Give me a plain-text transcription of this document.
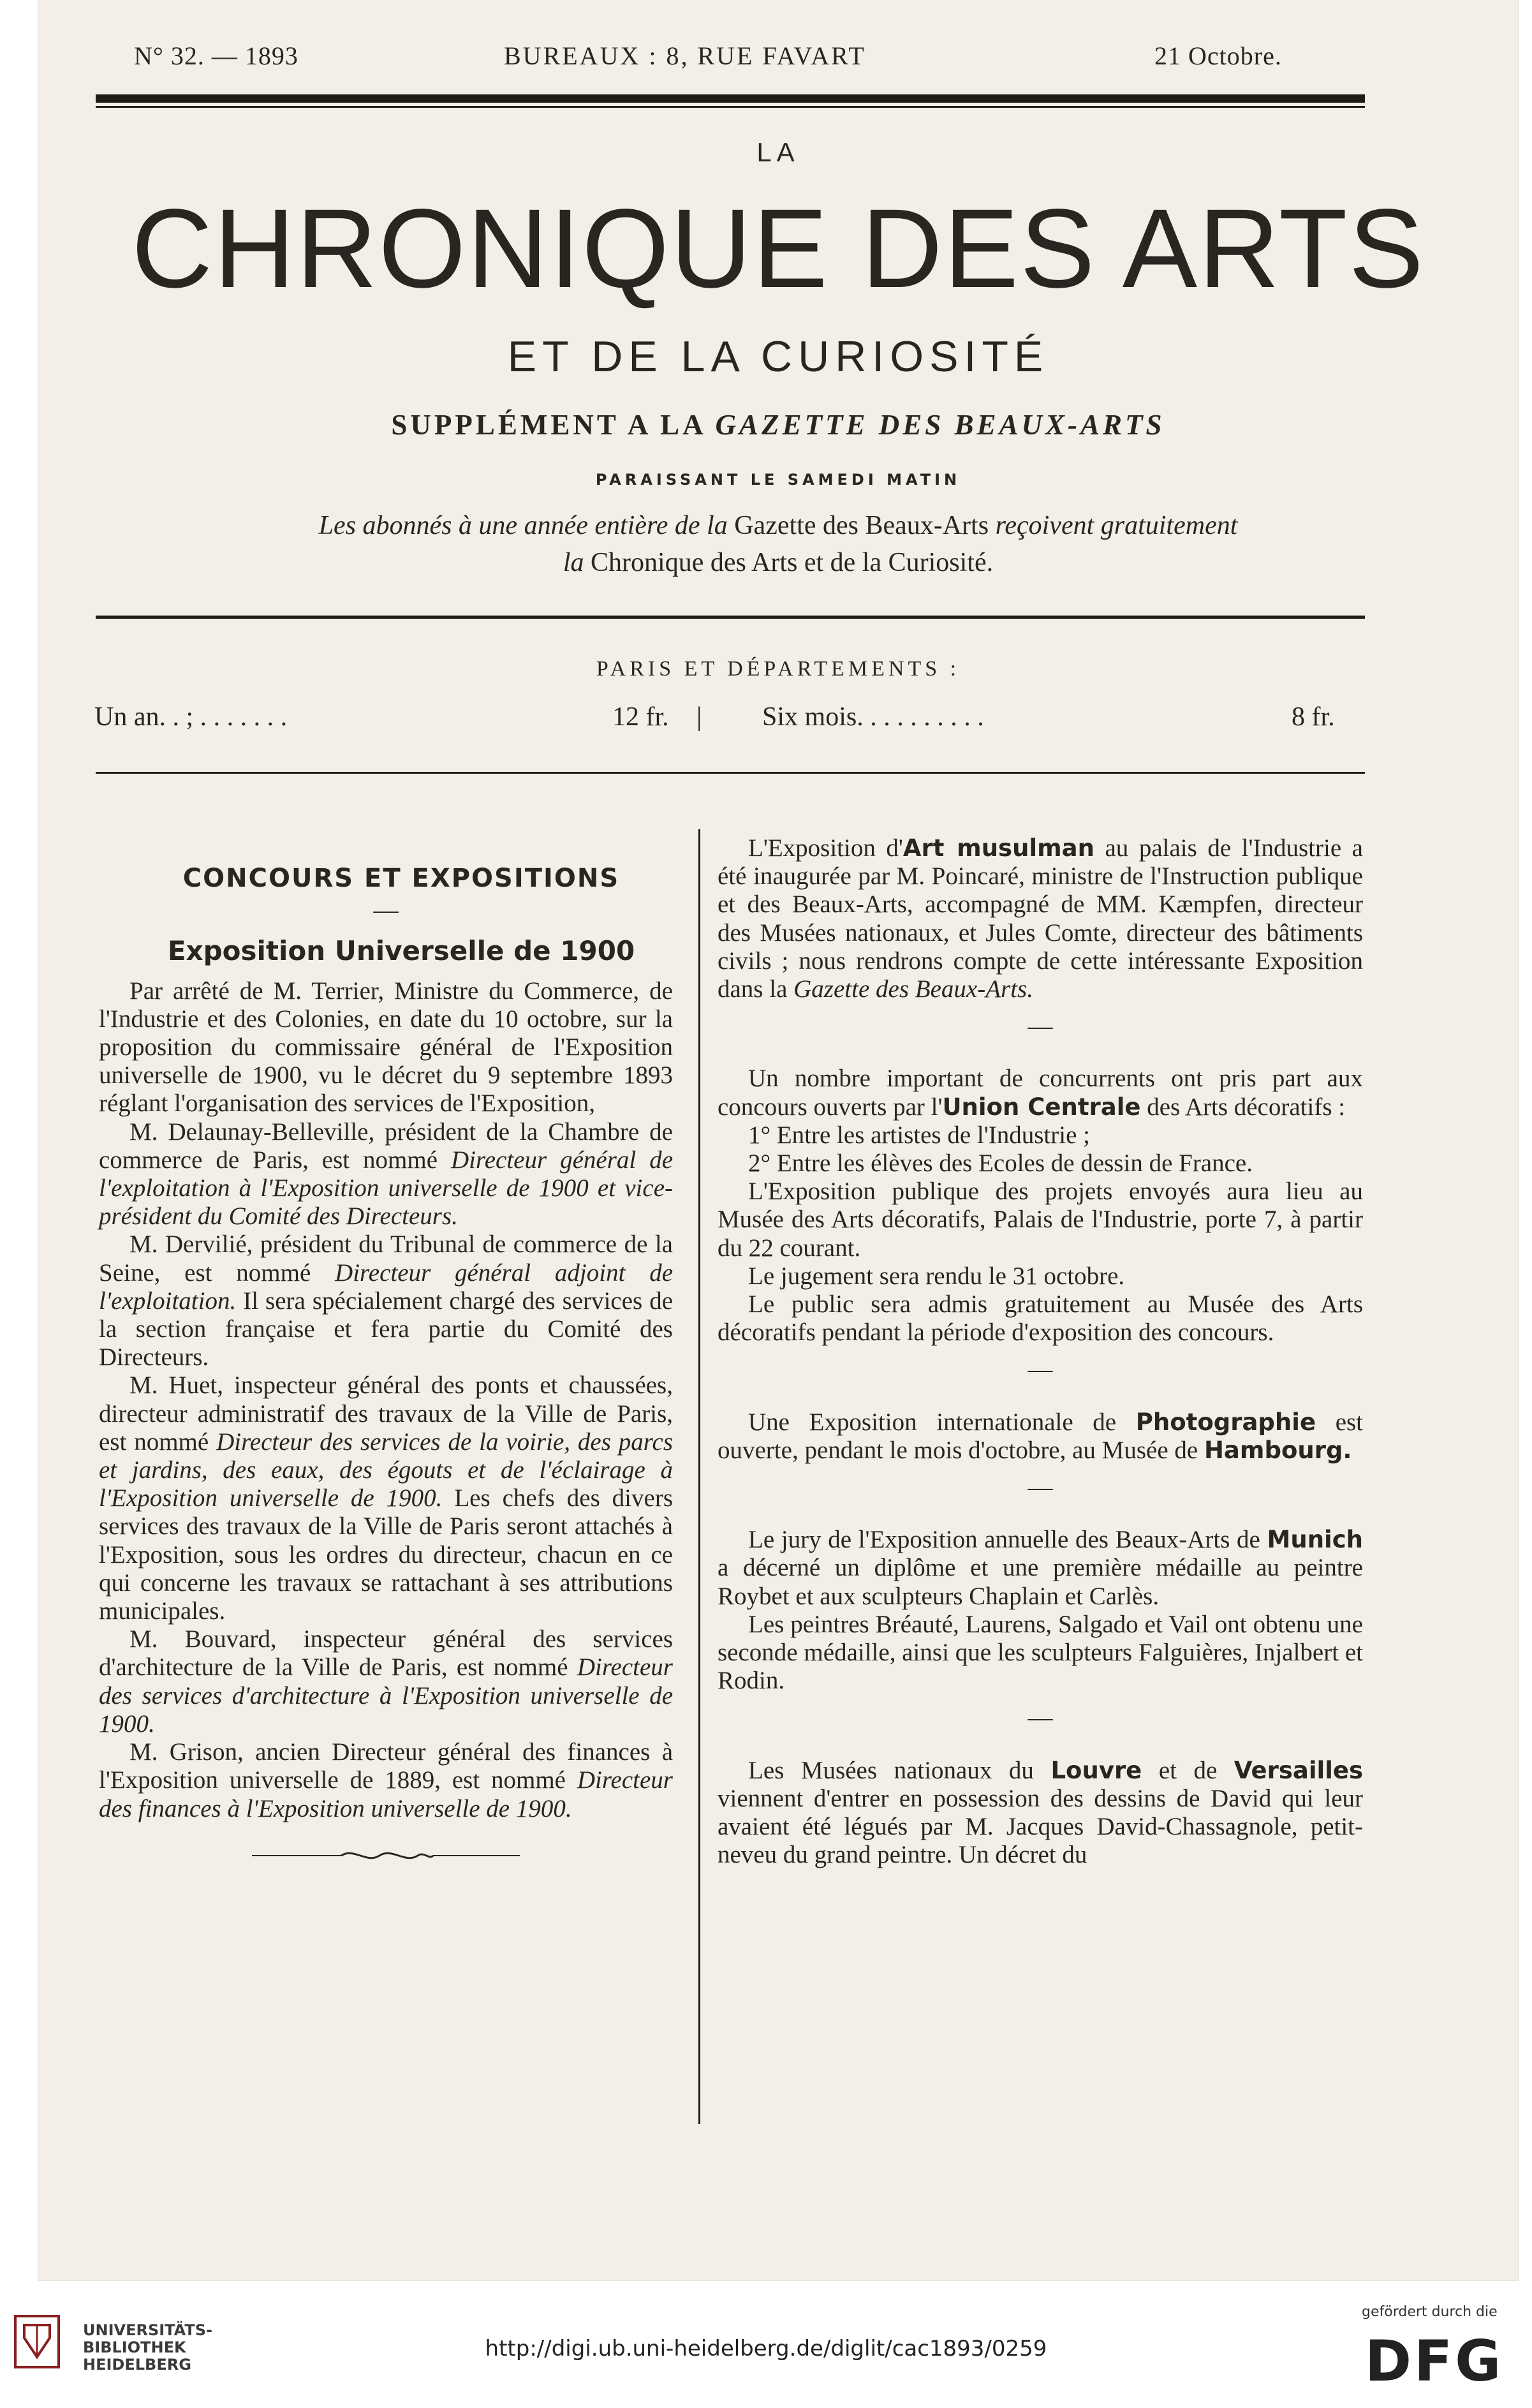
N° 32. — 1893	BUREAUX : 8, RUE FAVART	21 Octobre.
LA
CHRONIQUE DES ARTS
ET DE LA CURIOSITÉ
SUPPLÉMENT A LA GAZETTE DES BEAUX-ARTS
PARAISSANT LE SAMEDI MATIN
Les abonnés à une année entière de la Gazette des Beaux-Arts reçoivent gratuitement
la Chronique des Arts et de la Curiosité.
PARIS ET DÉPARTEMENTS :
Un an. . ; . . . . . . .	12 fr. | Six mois. . . . . . . . . .	8 fr.

CONCOURS ET EXPOSITIONS

—

Exposition Universelle de 1900

Par arrêté de M. Terrier, Ministre du Commerce, de l'Industrie et des Colonies, en date du 10 octobre, sur la proposition du commissaire général de l'Exposition universelle de 1900, vu le décret du 9 septembre 1893 réglant l'organisation des services de l'Exposition,

M. Delaunay-Belleville, président de la Chambre de commerce de Paris, est nommé Directeur général de l'exploitation à l'Exposition universelle de 1900 et vice-président du Comité des Directeurs.

M. Dervilié, président du Tribunal de commerce de la Seine, est nommé Directeur général adjoint de l'exploitation. Il sera spécialement chargé des services de la section française et fera partie du Comité des Directeurs.

M. Huet, inspecteur général des ponts et chaussées, directeur administratif des travaux de la Ville de Paris, est nommé Directeur des services de la voirie, des parcs et jardins, des eaux, des égouts et de l'éclairage à l'Exposition universelle de 1900. Les chefs des divers services des travaux de la Ville de Paris seront attachés à l'Exposition, sous les ordres du directeur, chacun en ce qui concerne les travaux se rattachant à ses attributions municipales.

M. Bouvard, inspecteur général des services d'architecture de la Ville de Paris, est nommé Directeur des services d'architecture à l'Exposition universelle de 1900.

M. Grison, ancien Directeur général des finances à l'Exposition universelle de 1889, est nommé Directeur des finances à l'Exposition universelle de 1900.

L'Exposition d'Art musulman au palais de l'Industrie a été inaugurée par M. Poincaré, ministre de l'Instruction publique et des Beaux-Arts, accompagné de MM. Kæmpfen, directeur des Musées nationaux, et Jules Comte, directeur des bâtiments civils ; nous rendrons compte de cette intéressante Exposition dans la Gazette des Beaux-Arts.

—

Un nombre important de concurrents ont pris part aux concours ouverts par l'Union Centrale des Arts décoratifs :

1° Entre les artistes de l'Industrie ;

2° Entre les élèves des Ecoles de dessin de France.

L'Exposition publique des projets envoyés aura lieu au Musée des Arts décoratifs, Palais de l'Industrie, porte 7, à partir du 22 courant.

Le jugement sera rendu le 31 octobre.

Le public sera admis gratuitement au Musée des Arts décoratifs pendant la période d'exposition des concours.

—

Une Exposition internationale de Photographie est ouverte, pendant le mois d'octobre, au Musée de Hambourg.

—

Le jury de l'Exposition annuelle des Beaux-Arts de Munich a décerné un diplôme et une première médaille au peintre Roybet et aux sculpteurs Chaplain et Carlès.

Les peintres Bréauté, Laurens, Salgado et Vail ont obtenu une seconde médaille, ainsi que les sculpteurs Falguières, Injalbert et Rodin.

—

Les Musées nationaux du Louvre et de Versailles viennent d'entrer en possession des dessins de David qui leur avaient été légués par M. Jacques David-Chassagnole, petit-neveu du grand peintre. Un décret du

UNIVERSITÄTS-
BIBLIOTHEK
HEIDELBERG
http://digi.ub.uni-heidelberg.de/diglit/cac1893/0259
gefördert durch die
DFG
